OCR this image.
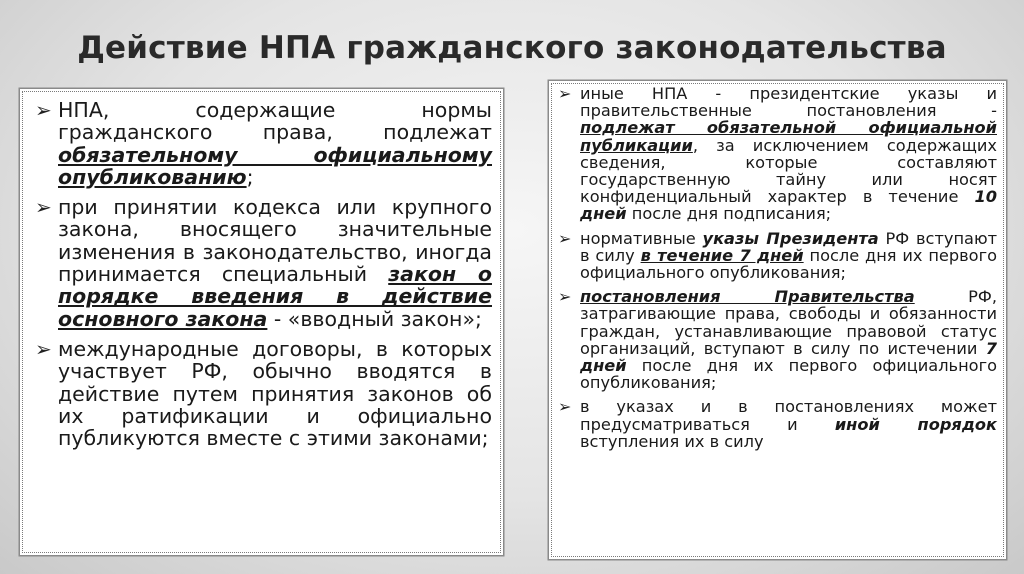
Действие НПА гражданского законодательства
➢ НПА, содержащие нормы гражданского права, подлежат обязательному официальному опубликованию;
➢ при принятии кодекса или крупного закона, вносящего значительные изменения в законодательство, иногда принимается специальный закон о порядке введения в действие основного закона - «вводный закон»;
➢ международные договоры, в которых участвует РФ, обычно вводятся в действие путем принятия законов об их ратификации и официально публикуются вместе с этими законами;
➢ иные НПА - президентские указы и правительственные постановления - подлежат обязательной официальной публикации, за исключением содержащих сведения, которые составляют государственную тайну или носят конфиденциальный характер в течение 10 дней после дня подписания;
➢ нормативные указы Президента РФ вступают в силу в течение 7 дней после дня их первого официального опубликования;
➢ постановления Правительства РФ, затрагивающие права, свободы и обязанности граждан, устанавливающие правовой статус организаций, вступают в силу по истечении 7 дней после дня их первого официального опубликования;
➢ в указах и в постановлениях может предусматриваться и иной порядок вступления их в силу
